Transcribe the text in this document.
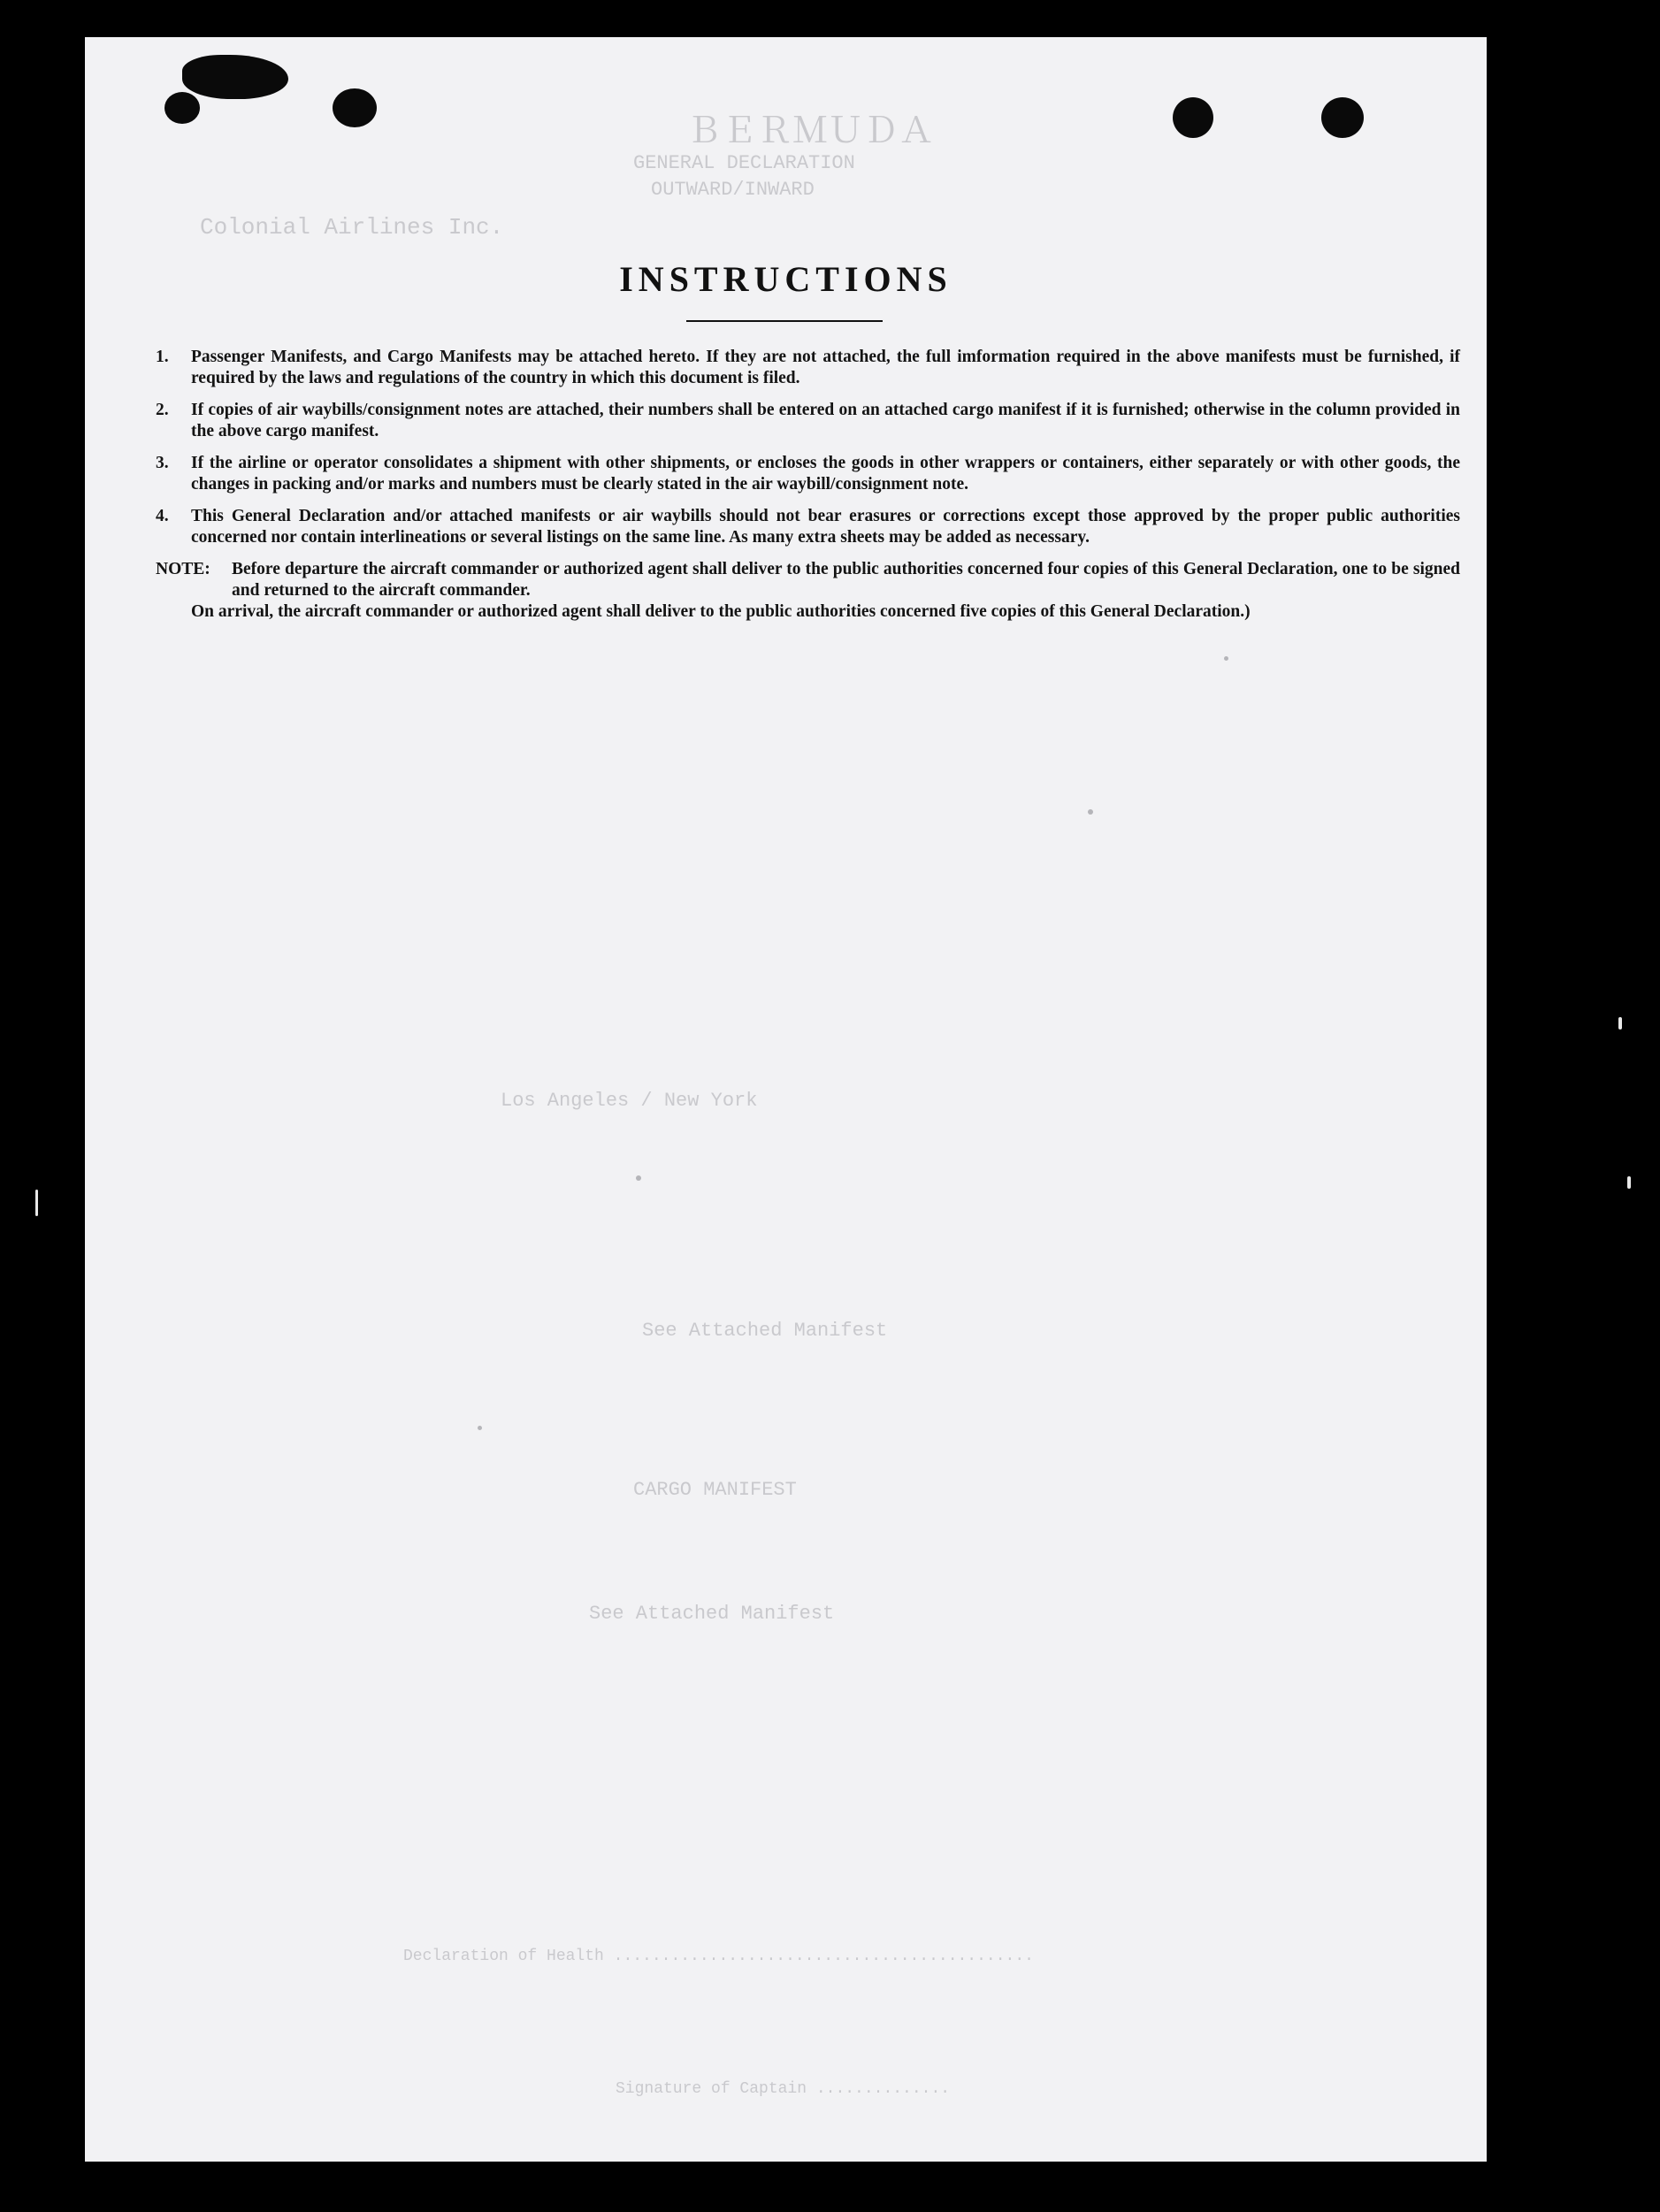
ＢＥＲＭＵＤＡ
GENERAL DECLARATION
OUTWARD/INWARD
Colonial Airlines Inc.
Los Angeles / New York
See Attached Manifest
See Attached Manifest
CARGO MANIFEST
Declaration of Health ............................................
Signature of Captain ..............
INSTRUCTIONS
1.	Passenger Manifests, and Cargo Manifests may be attached hereto. If they are not attached, the full imformation required in the above manifests must be furnished, if required by the laws and regulations of the country in which this document is filed.
2.	If copies of air waybills/consignment notes are attached, their numbers shall be entered on an attached cargo manifest if it is furnished; otherwise in the column provided in the above cargo manifest.
3.	If the airline or operator consolidates a shipment with other shipments, or encloses the goods in other wrappers or containers, either separately or with other goods, the changes in packing and/or marks and numbers must be clearly stated in the air waybill/consignment note.
4.	This General Declaration and/or attached manifests or air waybills should not bear erasures or corrections except those approved by the proper public authorities concerned nor contain interlineations or several listings on the same line. As many extra sheets may be added as necessary.
NOTE:	Before departure the aircraft commander or authorized agent shall deliver to the public authorities concerned four copies of this General Declaration, one to be signed and returned to the aircraft commander.
On arrival, the aircraft commander or authorized agent shall deliver to the public authorities concerned five copies of this General Declaration.)
